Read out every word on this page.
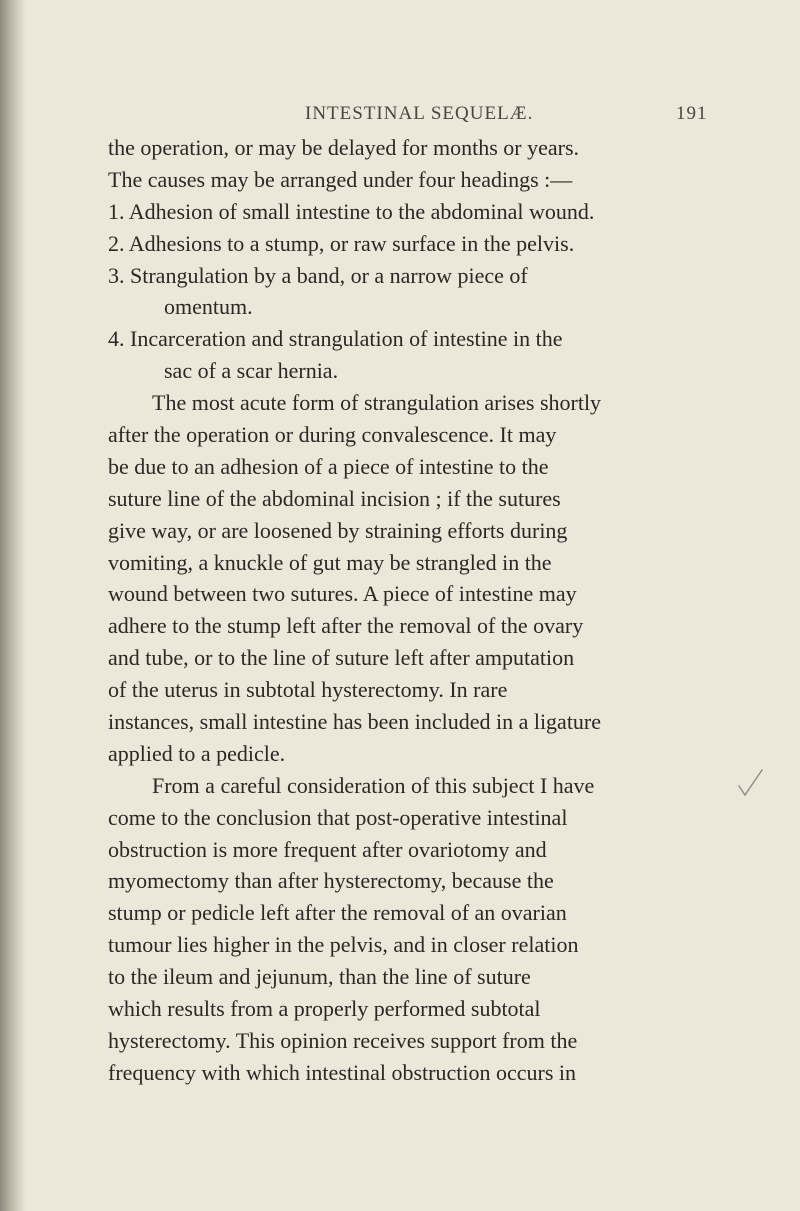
INTESTINAL SEQUELÆ.	191
the operation, or may be delayed for months or years.
The causes may be arranged under four headings :—
1. Adhesion of small intestine to the abdominal wound.
2. Adhesions to a stump, or raw surface in the pelvis.
3. Strangulation by a band, or a narrow piece of
omentum.
4. Incarceration and strangulation of intestine in the
sac of a scar hernia.
The most acute form of strangulation arises shortly
after the operation or during convalescence. It may
be due to an adhesion of a piece of intestine to the
suture line of the abdominal incision ; if the sutures
give way, or are loosened by straining efforts during
vomiting, a knuckle of gut may be strangled in the
wound between two sutures. A piece of intestine may
adhere to the stump left after the removal of the ovary
and tube, or to the line of suture left after amputation
of the uterus in subtotal hysterectomy. In rare
instances, small intestine has been included in a ligature
applied to a pedicle.
From a careful consideration of this subject I have
come to the conclusion that post-operative intestinal
obstruction is more frequent after ovariotomy and
myomectomy than after hysterectomy, because the
stump or pedicle left after the removal of an ovarian
tumour lies higher in the pelvis, and in closer relation
to the ileum and jejunum, than the line of suture
which results from a properly performed subtotal
hysterectomy. This opinion receives support from the
frequency with which intestinal obstruction occurs in
